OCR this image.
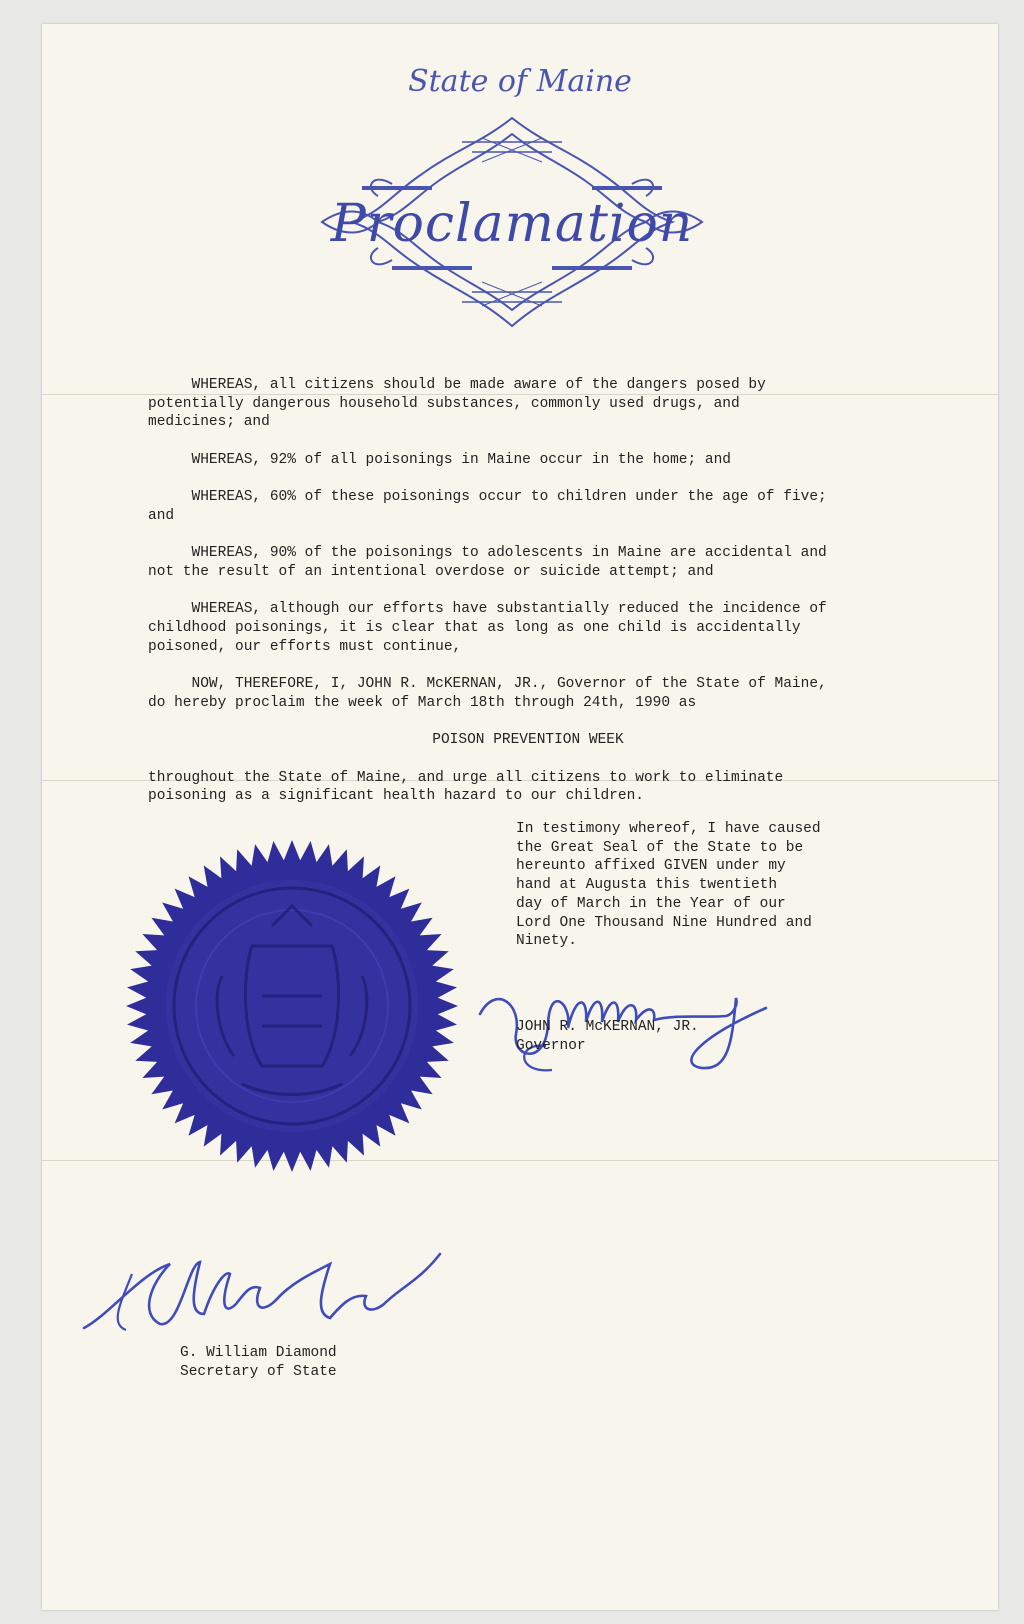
State of Maine
Proclamation

WHEREAS, all citizens should be made aware of the dangers posed by
potentially dangerous household substances, commonly used drugs, and
medicines; and

WHEREAS, 92% of all poisonings in Maine occur in the home; and

WHEREAS, 60% of these poisonings occur to children under the age of five;
and

WHEREAS, 90% of the poisonings to adolescents in Maine are accidental and
not the result of an intentional overdose or suicide attempt; and

WHEREAS, although our efforts have substantially reduced the incidence of
childhood poisonings, it is clear that as long as one child is accidentally
poisoned, our efforts must continue,

NOW, THEREFORE, I, JOHN R. McKERNAN, JR., Governor of the State of Maine,
do hereby proclaim the week of March 18th through 24th, 1990 as

POISON PREVENTION WEEK

throughout the State of Maine, and urge all citizens to work to eliminate
poisoning as a significant health hazard to our children.

In testimony whereof, I have caused
the Great Seal of the State to be
hereunto affixed GIVEN under my
hand at Augusta this twentieth
day of March in the Year of our
Lord One Thousand Nine Hundred and
Ninety.
JOHN R. McKERNAN, JR.
Governor
G. William Diamond
Secretary of State
